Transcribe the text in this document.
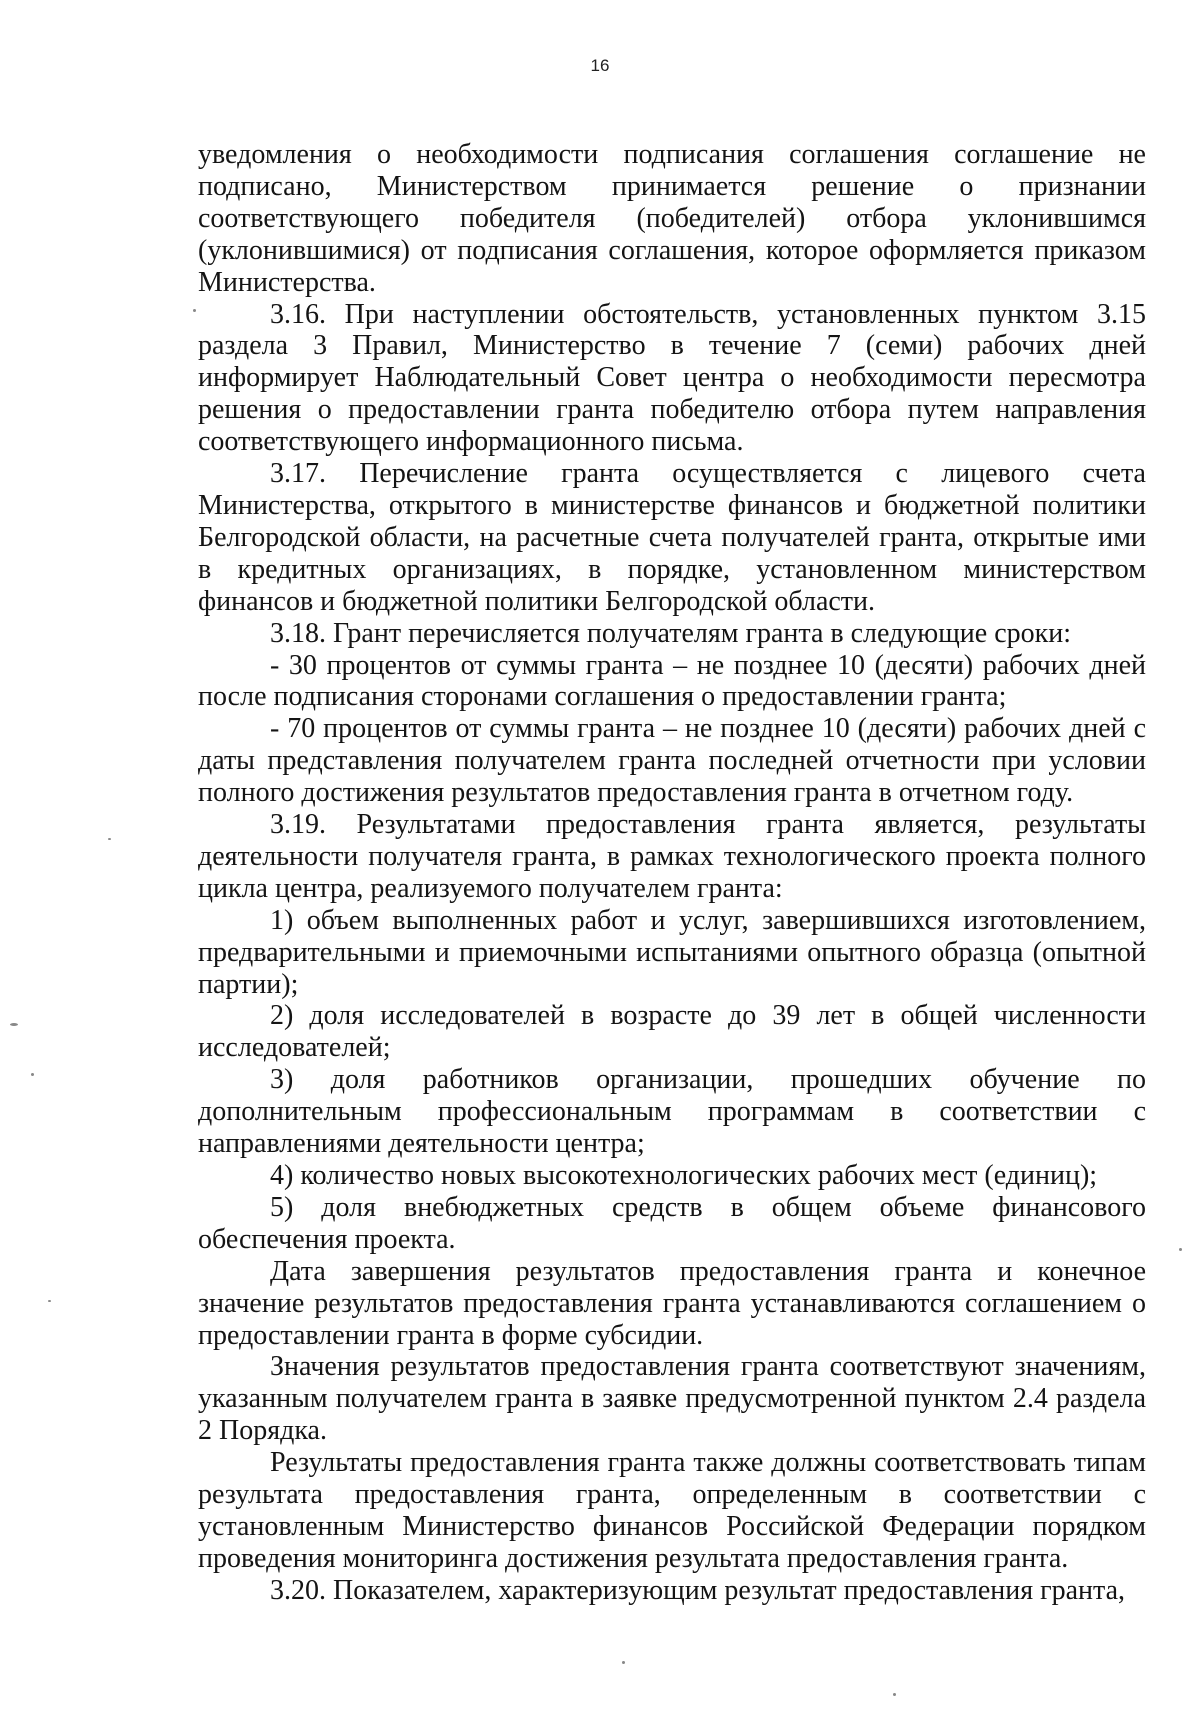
16

уведомления о необходимости подписания соглашения соглашение не подписано, Министерством принимается решение о признании соответствующего победителя (победителей) отбора уклонившимся (уклонившимися) от подписания соглашения, которое оформляется приказом Министерства.

3.16. При наступлении обстоятельств, установленных пунктом 3.15 раздела 3 Правил, Министерство в течение 7 (семи) рабочих дней информирует Наблюдательный Совет центра о необходимости пересмотра решения о предоставлении гранта победителю отбора путем направления соответствующего информационного письма.

3.17. Перечисление гранта осуществляется с лицевого счета Министерства, открытого в министерстве финансов и бюджетной политики Белгородской области, на расчетные счета получателей гранта, открытые ими в кредитных организациях, в порядке, установленном министерством финансов и бюджетной политики Белгородской области.

3.18. Грант перечисляется получателям гранта в следующие сроки:

- 30 процентов от суммы гранта – не позднее 10 (десяти) рабочих дней после подписания сторонами соглашения о предоставлении гранта;

- 70 процентов от суммы гранта – не позднее 10 (десяти) рабочих дней с даты представления получателем гранта последней отчетности при условии полного достижения результатов предоставления гранта в отчетном году.

3.19. Результатами предоставления гранта является, результаты деятельности получателя гранта, в рамках технологического проекта полного цикла центра, реализуемого получателем гранта:

1) объем выполненных работ и услуг, завершившихся изготовлением, предварительными и приемочными испытаниями опытного образца (опытной партии);

2) доля исследователей в возрасте до 39 лет в общей численности исследователей;

3) доля работников организации, прошедших обучение по дополнительным профессиональным программам в соответствии с направлениями деятельности центра;

4) количество новых высокотехнологических рабочих мест (единиц);

5) доля внебюджетных средств в общем объеме финансового обеспечения проекта.

Дата завершения результатов предоставления гранта и конечное значение результатов предоставления гранта устанавливаются соглашением о предоставлении гранта в форме субсидии.

Значения результатов предоставления гранта соответствуют значениям, указанным получателем гранта в заявке предусмотренной пунктом 2.4 раздела 2 Порядка.

Результаты предоставления гранта также должны соответствовать типам результата предоставления гранта, определенным в соответствии с установленным Министерство финансов Российской Федерации порядком проведения мониторинга достижения результата предоставления гранта.

3.20. Показателем, характеризующим результат предоставления гранта,
